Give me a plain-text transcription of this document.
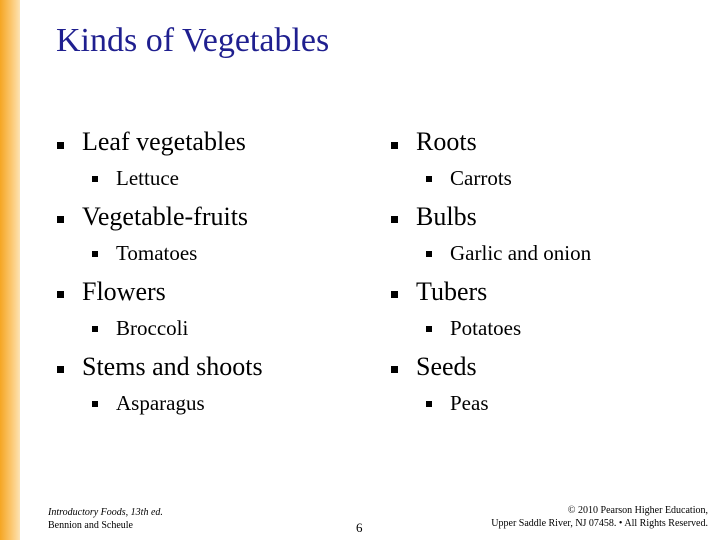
Kinds of Vegetables
Leaf vegetables
Lettuce
Vegetable-fruits
Tomatoes
Flowers
Broccoli
Stems and shoots
Asparagus
Roots
Carrots
Bulbs
Garlic and onion
Tubers
Potatoes
Seeds
Peas
Introductory Foods, 13th ed.
Bennion and Scheule	6
© 2010 Pearson Higher Education,
Upper Saddle River, NJ 07458. • All Rights Reserved.
